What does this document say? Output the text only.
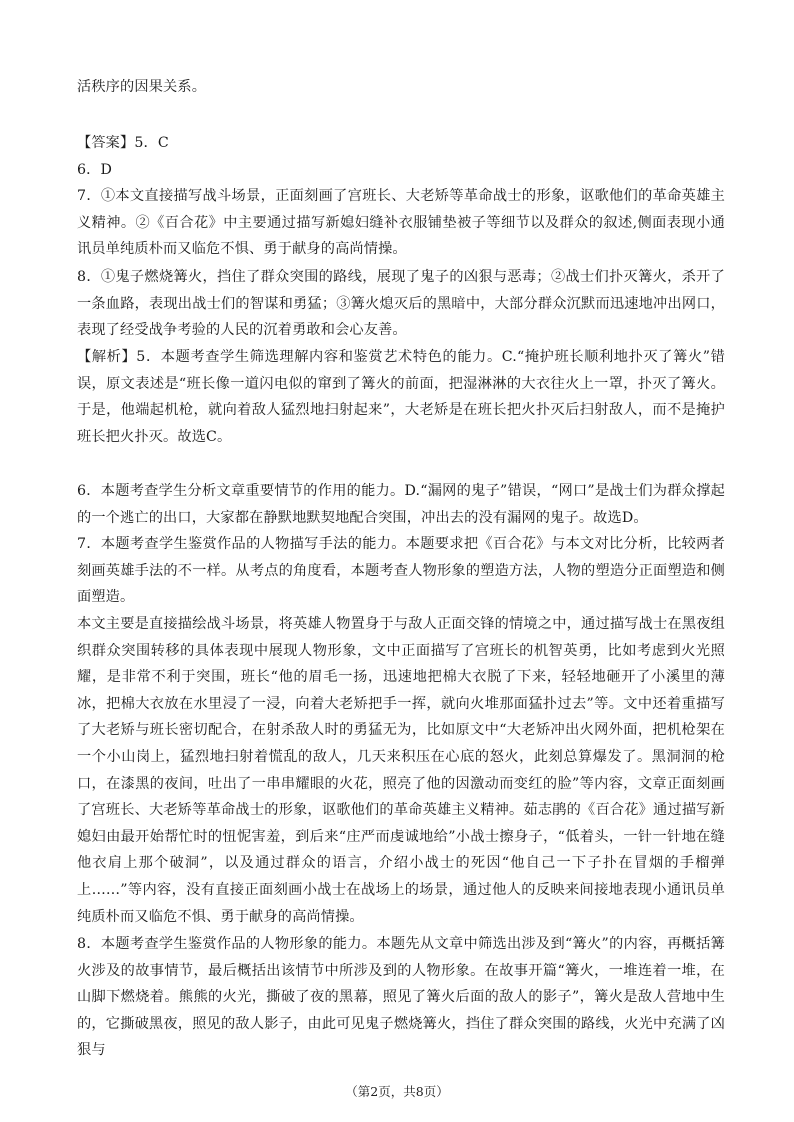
活秩序的因果关系。
【答案】5．C
6．D
7．①本文直接描写战斗场景，正面刻画了宫班长、大老矫等革命战士的形象，讴歌他们的革命英雄主义精神。②《百合花》中主要通过描写新媳妇缝补衣服铺垫被子等细节以及群众的叙述,侧面表现小通讯员单纯质朴而又临危不惧、勇于献身的高尚情操。
8．①鬼子燃烧篝火，挡住了群众突围的路线，展现了鬼子的凶狠与恶毒；②战士们扑灭篝火，杀开了一条血路，表现出战士们的智谋和勇猛；③篝火熄灭后的黑暗中，大部分群众沉默而迅速地冲出网口，表现了经受战争考验的人民的沉着勇敢和会心友善。
【解析】5．本题考查学生筛选理解内容和鉴赏艺术特色的能力。C.“掩护班长顺利地扑灭了篝火”错误，原文表述是“班长像一道闪电似的窜到了篝火的前面，把湿淋淋的大衣往火上一罩，扑灭了篝火。于是，他端起机枪，就向着敌人猛烈地扫射起来”，大老矫是在班长把火扑灭后扫射敌人，而不是掩护班长把火扑灭。故选C。
6．本题考查学生分析文章重要情节的作用的能力。D.“漏网的鬼子”错误，“网口”是战士们为群众撑起的一个逃亡的出口，大家都在静默地默契地配合突围，冲出去的没有漏网的鬼子。故选D。
7．本题考查学生鉴赏作品的人物描写手法的能力。本题要求把《百合花》与本文对比分析，比较两者刻画英雄手法的不一样。从考点的角度看，本题考查人物形象的塑造方法，人物的塑造分正面塑造和侧面塑造。
本文主要是直接描绘战斗场景，将英雄人物置身于与敌人正面交锋的情境之中，通过描写战士在黑夜组织群众突围转移的具体表现中展现人物形象，文中正面描写了宫班长的机智英勇，比如考虑到火光照耀，是非常不利于突围，班长“他的眉毛一扬，迅速地把棉大衣脱了下来，轻轻地砸开了小溪里的薄冰，把棉大衣放在水里浸了一浸，向着大老矫把手一挥，就向火堆那面猛扑过去”等。文中还着重描写了大老矫与班长密切配合，在射杀敌人时的勇猛无为，比如原文中“大老矫冲出火网外面，把机枪架在一个小山岗上，猛烈地扫射着慌乱的敌人，几天来积压在心底的怒火，此刻总算爆发了。黑洞洞的枪口，在漆黑的夜间，吐出了一串串耀眼的火花，照亮了他的因激动而变红的脸”等内容，文章正面刻画了宫班长、大老矫等革命战士的形象，讴歌他们的革命英雄主义精神。茹志鹃的《百合花》通过描写新媳妇由最开始帮忙时的忸怩害羞，到后来“庄严而虔诚地给”小战士擦身子，“低着头，一针一针地在缝他衣肩上那个破洞”，以及通过群众的语言，介绍小战士的死因“他自己一下子扑在冒烟的手榴弹上……”等内容，没有直接正面刻画小战士在战场上的场景，通过他人的反映来间接地表现小通讯员单纯质朴而又临危不惧、勇于献身的高尚情操。
8．本题考查学生鉴赏作品的人物形象的能力。本题先从文章中筛选出涉及到“篝火”的内容，再概括篝火涉及的故事情节，最后概括出该情节中所涉及到的人物形象。在故事开篇“篝火，一堆连着一堆，在山脚下燃烧着。熊熊的火光，撕破了夜的黑幕，照见了篝火后面的敌人的影子”，篝火是敌人营地中生的，它撕破黑夜，照见的敌人影子，由此可见鬼子燃烧篝火，挡住了群众突围的路线，火光中充满了凶狠与
（第2页，共8页）
